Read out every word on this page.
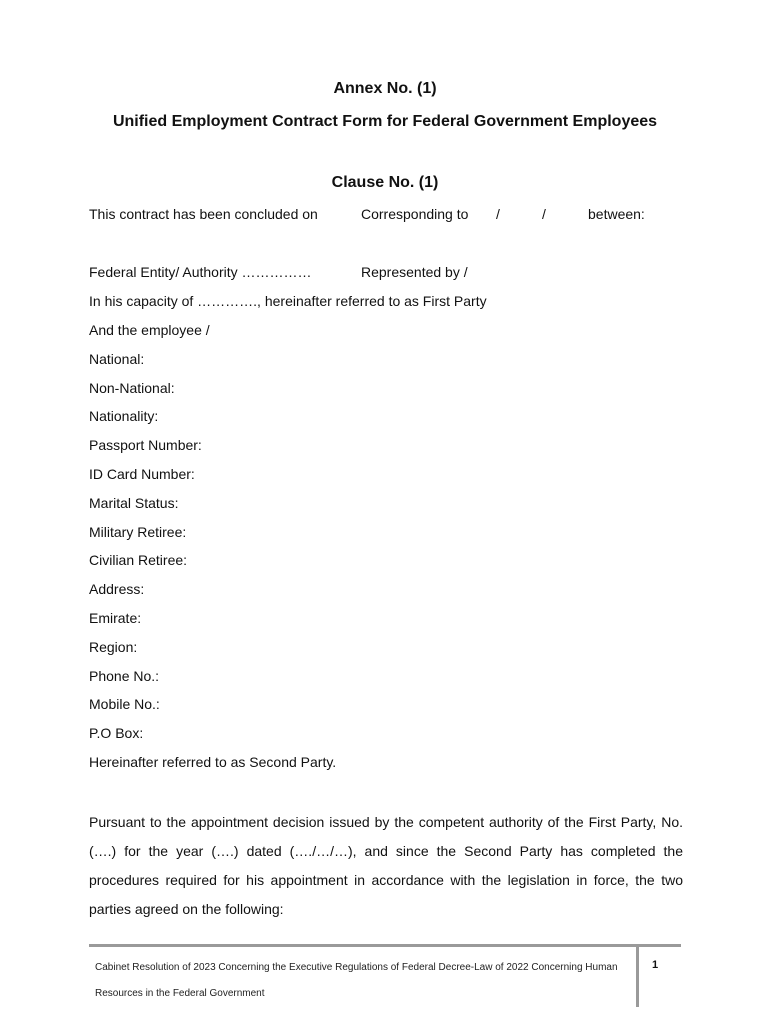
Annex No. (1)
Unified Employment Contract Form for Federal Government Employees
Clause No. (1)
This contract has been concluded on	Corresponding to /	/	between:
Federal Entity/ Authority ……………	Represented by /
In his capacity of …………., hereinafter referred to as First Party
And the employee /
National:
Non-National:
Nationality:
Passport Number:
ID Card Number:
Marital Status:
Military Retiree:
Civilian Retiree:
Address:
Emirate:
Region:
Phone No.:
Mobile No.:
P.O Box:
Hereinafter referred to as Second Party.
Pursuant to the appointment decision issued by the competent authority of the First Party, No. (….) for the year (….) dated (…./…/…), and since the Second Party has completed the procedures required for his appointment in accordance with the legislation in force, the two parties agreed on the following:
Cabinet Resolution of 2023 Concerning the Executive Regulations of Federal Decree-Law of 2022 Concerning Human Resources in the Federal Government
1
